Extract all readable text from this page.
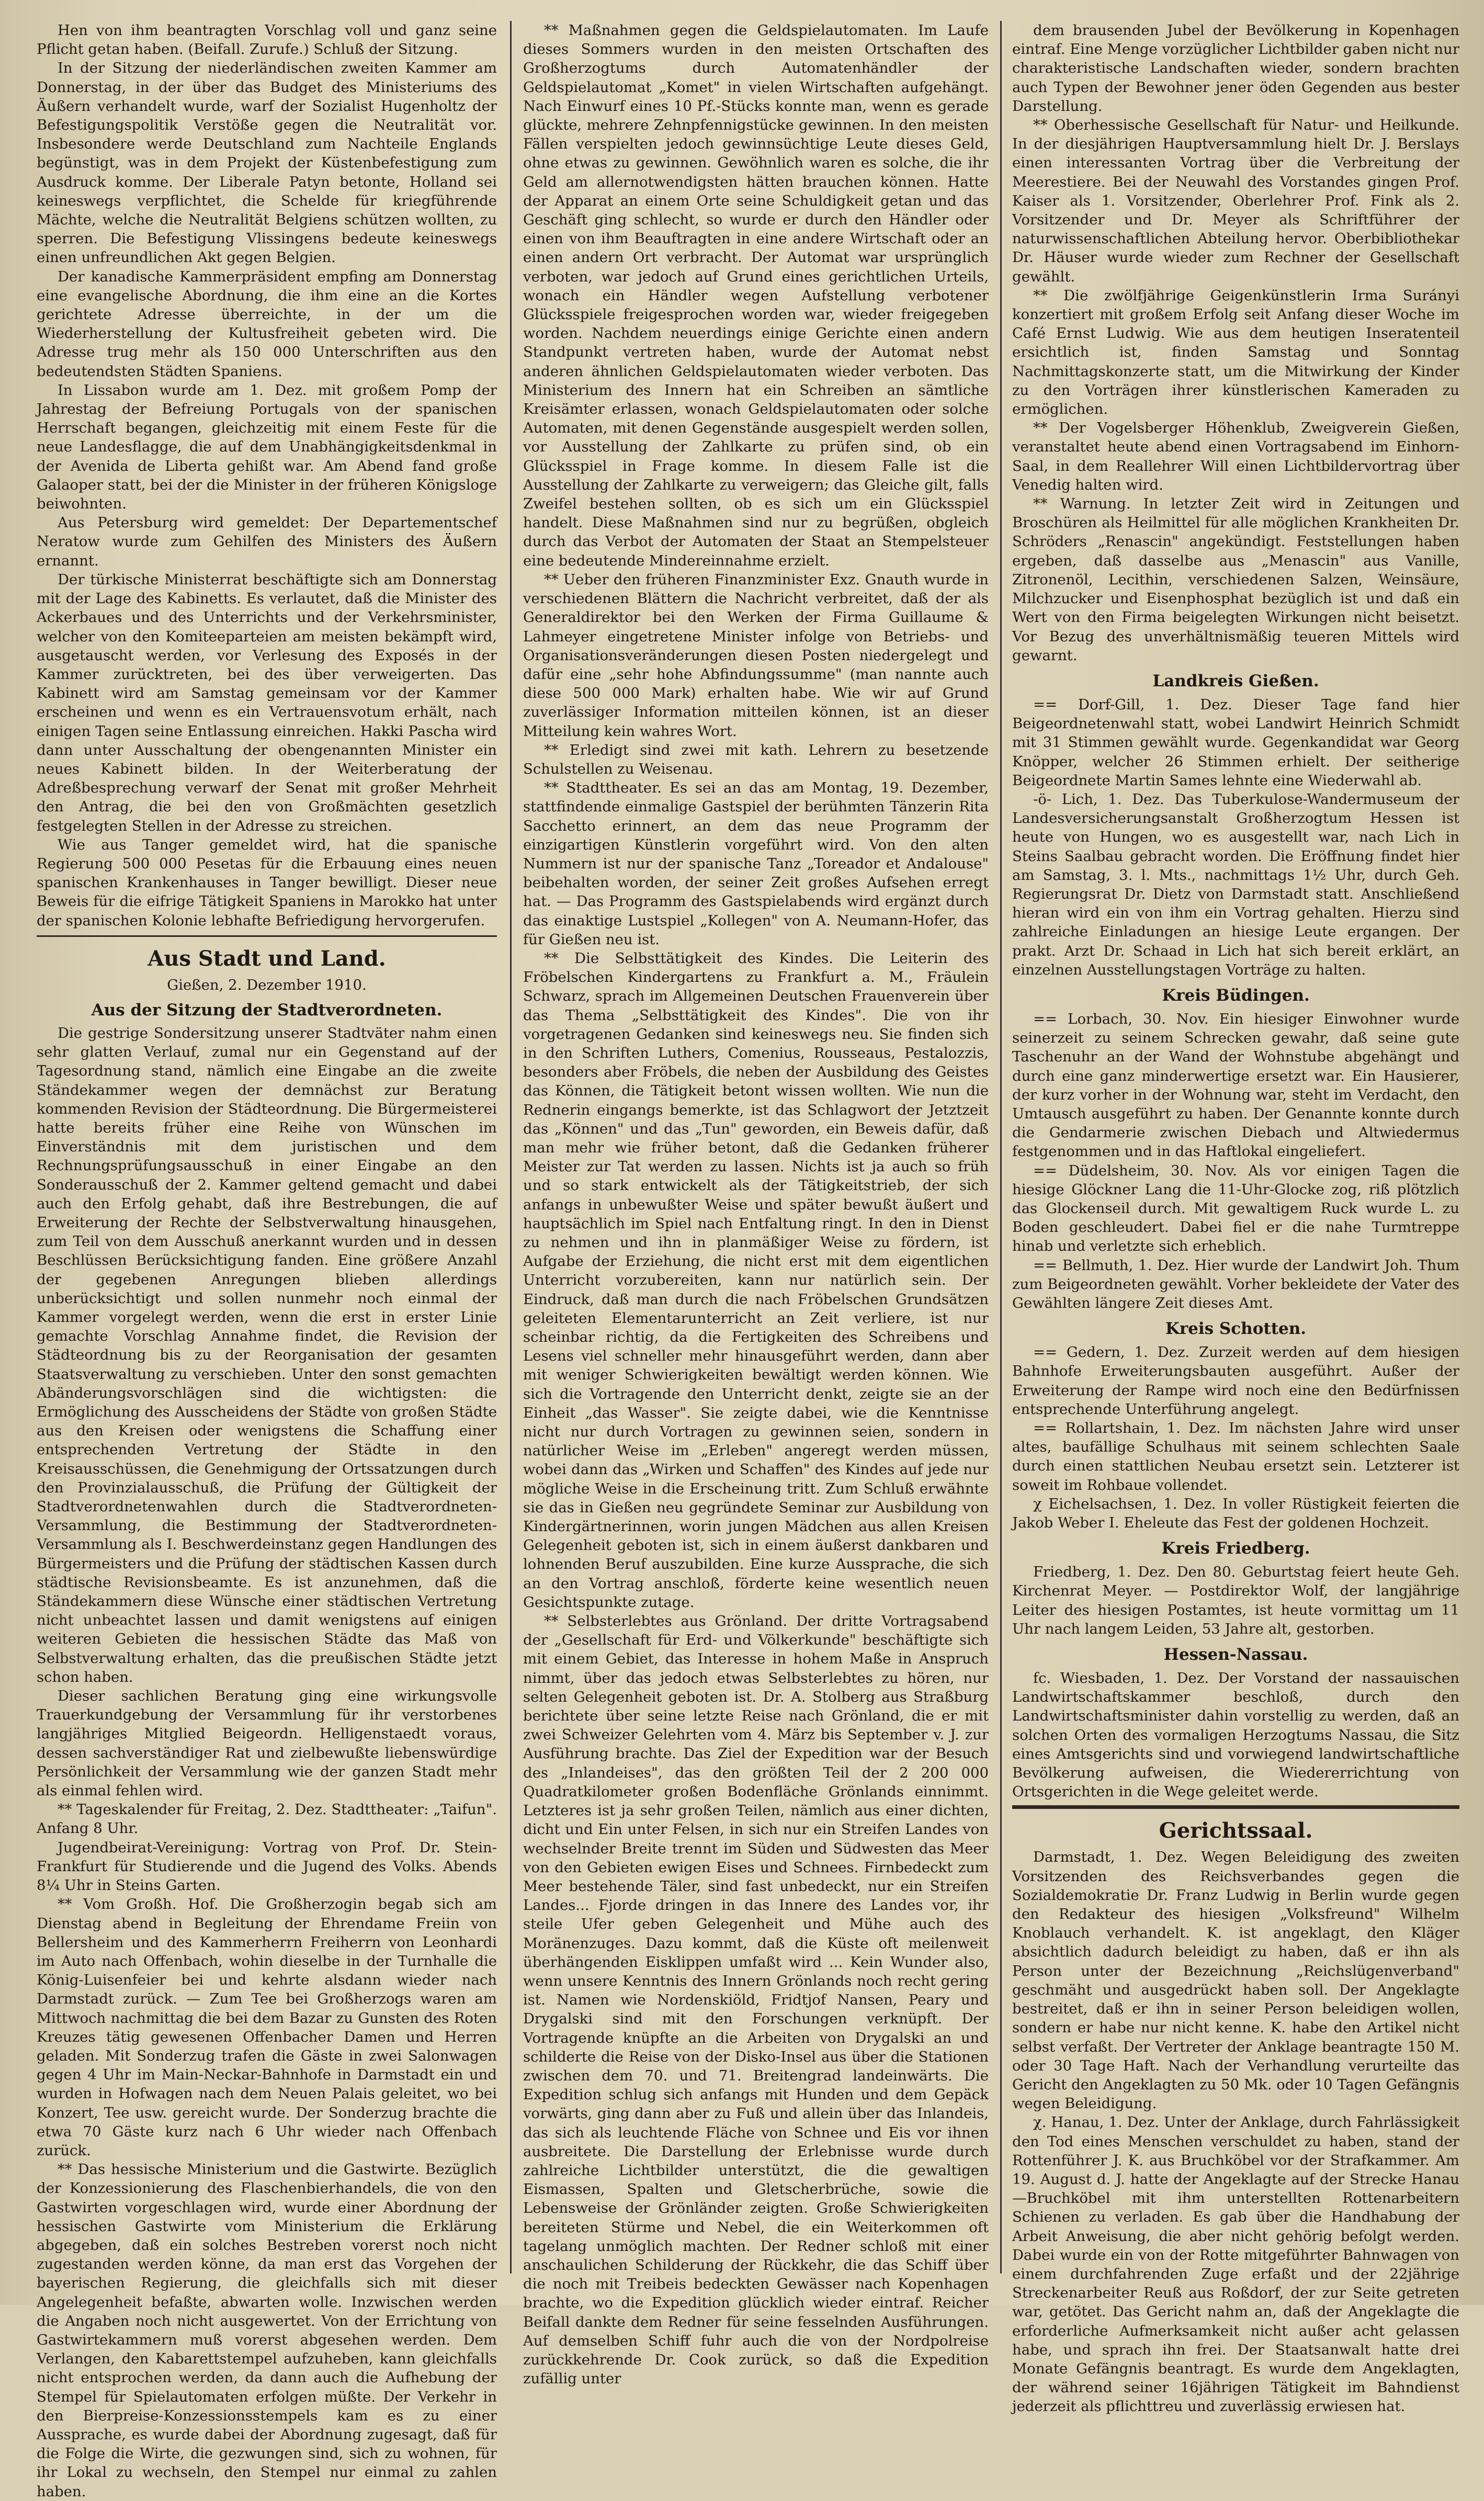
Hen von ihm beantragten Vorschlag voll und ganz seine Pflicht getan haben. (Beifall. Zurufe.) Schluß der Sitzung.

In der Sitzung der niederländischen zweiten Kammer am Donnerstag, in der über das Budget des Ministeriums des Äußern verhandelt wurde, warf der Sozialist Hugenholtz der Befestigungspolitik Verstöße gegen die Neutralität vor. Insbesondere werde Deutschland zum Nachteile Englands begünstigt, was in dem Projekt der Küstenbefestigung zum Ausdruck komme. Der Liberale Patyn betonte, Holland sei keineswegs verpflichtet, die Schelde für kriegführende Mächte, welche die Neutralität Belgiens schützen wollten, zu sperren. Die Befestigung Vlissingens bedeute keineswegs einen unfreundlichen Akt gegen Belgien.

Der kanadische Kammerpräsident empfing am Donnerstag eine evangelische Abordnung, die ihm eine an die Kortes gerichtete Adresse überreichte, in der um die Wiederherstellung der Kultusfreiheit gebeten wird. Die Adresse trug mehr als 150 000 Unterschriften aus den bedeutendsten Städten Spaniens.

In Lissabon wurde am 1. Dez. mit großem Pomp der Jahrestag der Befreiung Portugals von der spanischen Herrschaft begangen, gleichzeitig mit einem Feste für die neue Landesflagge, die auf dem Unabhängigkeitsdenkmal in der Avenida de Liberta gehißt war. Am Abend fand große Galaoper statt, bei der die Minister in der früheren Königsloge beiwohnten.

Aus Petersburg wird gemeldet: Der Departementschef Neratow wurde zum Gehilfen des Ministers des Äußern ernannt.

Der türkische Ministerrat beschäftigte sich am Donnerstag mit der Lage des Kabinetts. Es verlautet, daß die Minister des Ackerbaues und des Unterrichts und der Verkehrsminister, welcher von den Komiteeparteien am meisten bekämpft wird, ausgetauscht werden, vor Verlesung des Exposés in der Kammer zurücktreten, bei des über verweigerten. Das Kabinett wird am Samstag gemeinsam vor der Kammer erscheinen und wenn es ein Vertrauensvotum erhält, nach einigen Tagen seine Entlassung einreichen. Hakki Pascha wird dann unter Ausschaltung der obengenannten Minister ein neues Kabinett bilden. In der Weiterberatung der Adreßbesprechung verwarf der Senat mit großer Mehrheit den Antrag, die bei den von Großmächten gesetzlich festgelegten Stellen in der Adresse zu streichen.

Wie aus Tanger gemeldet wird, hat die spanische Regierung 500 000 Pesetas für die Erbauung eines neuen spanischen Krankenhauses in Tanger bewilligt. Dieser neue Beweis für die eifrige Tätigkeit Spaniens in Marokko hat unter der spanischen Kolonie lebhafte Befriedigung hervorgerufen.

Aus Stadt und Land.

Gießen, 2. Dezember 1910.

Aus der Sitzung der Stadtverordneten.

Die gestrige Sondersitzung unserer Stadtväter nahm einen sehr glatten Verlauf, zumal nur ein Gegenstand auf der Tagesordnung stand, nämlich eine Eingabe an die zweite Ständekammer wegen der demnächst zur Beratung kommenden Revision der Städteordnung. Die Bürgermeisterei hatte bereits früher eine Reihe von Wünschen im Einverständnis mit dem juristischen und dem Rechnungsprüfungsausschuß in einer Eingabe an den Sonderausschuß der 2. Kammer geltend gemacht und dabei auch den Erfolg gehabt, daß ihre Bestrebungen, die auf Erweiterung der Rechte der Selbstverwaltung hinausgehen, zum Teil von dem Ausschuß anerkannt wurden und in dessen Beschlüssen Berücksichtigung fanden. Eine größere Anzahl der gegebenen Anregungen blieben allerdings unberücksichtigt und sollen nunmehr noch einmal der Kammer vorgelegt werden, wenn die erst in erster Linie gemachte Vorschlag Annahme findet, die Revision der Städteordnung bis zu der Reorganisation der gesamten Staatsverwaltung zu verschieben. Unter den sonst gemachten Abänderungsvorschlägen sind die wichtigsten: die Ermöglichung des Ausscheidens der Städte von großen Städte aus den Kreisen oder wenigstens die Schaffung einer entsprechenden Vertretung der Städte in den Kreisausschüssen, die Genehmigung der Ortssatzungen durch den Provinzialausschuß, die Prüfung der Gültigkeit der Stadtverordnetenwahlen durch die Stadtverordneten-Versammlung, die Bestimmung der Stadtverordneten-Versammlung als I. Beschwerdeinstanz gegen Handlungen des Bürgermeisters und die Prüfung der städtischen Kassen durch städtische Revisionsbeamte. Es ist anzunehmen, daß die Ständekammern diese Wünsche einer städtischen Vertretung nicht unbeachtet lassen und damit wenigstens auf einigen weiteren Gebieten die hessischen Städte das Maß von Selbstverwaltung erhalten, das die preußischen Städte jetzt schon haben.

Dieser sachlichen Beratung ging eine wirkungsvolle Trauerkundgebung der Versammlung für ihr verstorbenes langjähriges Mitglied Beigeordn. Helligenstaedt voraus, dessen sachverständiger Rat und zielbewußte liebenswürdige Persönlichkeit der Versammlung wie der ganzen Stadt mehr als einmal fehlen wird.

** Tageskalender für Freitag, 2. Dez. Stadttheater: „Taifun". Anfang 8 Uhr.

Jugendbeirat-Vereinigung: Vortrag von Prof. Dr. Stein-Frankfurt für Studierende und die Jugend des Volks. Abends 8¼ Uhr in Steins Garten.

** Vom Großh. Hof. Die Großherzogin begab sich am Dienstag abend in Begleitung der Ehrendame Freiin von Bellersheim und des Kammerherrn Freiherrn von Leonhardi im Auto nach Offenbach, wohin dieselbe in der Turnhalle die König-Luisenfeier bei und kehrte alsdann wieder nach Darmstadt zurück. — Zum Tee bei Großherzogs waren am Mittwoch nachmittag die bei dem Bazar zu Gunsten des Roten Kreuzes tätig gewesenen Offenbacher Damen und Herren geladen. Mit Sonderzug trafen die Gäste in zwei Salonwagen gegen 4 Uhr im Main-Neckar-Bahnhofe in Darmstadt ein und wurden in Hofwagen nach dem Neuen Palais geleitet, wo bei Konzert, Tee usw. gereicht wurde. Der Sonderzug brachte die etwa 70 Gäste kurz nach 6 Uhr wieder nach Offenbach zurück.

** Das hessische Ministerium und die Gastwirte. Bezüglich der Konzessionierung des Flaschenbierhandels, die von den Gastwirten vorgeschlagen wird, wurde einer Abordnung der hessischen Gastwirte vom Ministerium die Erklärung abgegeben, daß ein solches Bestreben vorerst noch nicht zugestanden werden könne, da man erst das Vorgehen der bayerischen Regierung, die gleichfalls sich mit dieser Angelegenheit befaßte, abwarten wolle. Inzwischen werden die Angaben noch nicht ausgewertet. Von der Errichtung von Gastwirtekammern muß vorerst abgesehen werden. Dem Verlangen, den Kabarettstempel aufzuheben, kann gleichfalls nicht entsprochen werden, da dann auch die Aufhebung der Stempel für Spielautomaten erfolgen müßte. Der Verkehr in den Bierpreise-Konzessionsstempels kam es zu einer Aussprache, es wurde dabei der Abordnung zugesagt, daß für die Folge die Wirte, die gezwungen sind, sich zu wohnen, für ihr Lokal zu wechseln, den Stempel nur einmal zu zahlen haben.

** Maßnahmen gegen die Geldspielautomaten. Im Laufe dieses Sommers wurden in den meisten Ortschaften des Großherzogtums durch Automatenhändler der Geldspielautomat „Komet" in vielen Wirtschaften aufgehängt. Nach Einwurf eines 10 Pf.-Stücks konnte man, wenn es gerade glückte, mehrere Zehnpfennigstücke gewinnen. In den meisten Fällen verspielten jedoch gewinnsüchtige Leute dieses Geld, ohne etwas zu gewinnen. Gewöhnlich waren es solche, die ihr Geld am allernotwendigsten hätten brauchen können. Hatte der Apparat an einem Orte seine Schuldigkeit getan und das Geschäft ging schlecht, so wurde er durch den Händler oder einen von ihm Beauftragten in eine andere Wirtschaft oder an einen andern Ort verbracht. Der Automat war ursprünglich verboten, war jedoch auf Grund eines gerichtlichen Urteils, wonach ein Händler wegen Aufstellung verbotener Glücksspiele freigesprochen worden war, wieder freigegeben worden. Nachdem neuerdings einige Gerichte einen andern Standpunkt vertreten haben, wurde der Automat nebst anderen ähnlichen Geldspielautomaten wieder verboten. Das Ministerium des Innern hat ein Schreiben an sämtliche Kreisämter erlassen, wonach Geldspielautomaten oder solche Automaten, mit denen Gegenstände ausgespielt werden sollen, vor Ausstellung der Zahlkarte zu prüfen sind, ob ein Glücksspiel in Frage komme. In diesem Falle ist die Ausstellung der Zahlkarte zu verweigern; das Gleiche gilt, falls Zweifel bestehen sollten, ob es sich um ein Glücksspiel handelt. Diese Maßnahmen sind nur zu begrüßen, obgleich durch das Verbot der Automaten der Staat an Stempelsteuer eine bedeutende Mindereinnahme erzielt.

** Ueber den früheren Finanzminister Exz. Gnauth wurde in verschiedenen Blättern die Nachricht verbreitet, daß der als Generaldirektor bei den Werken der Firma Guillaume & Lahmeyer eingetretene Minister infolge von Betriebs- und Organisationsveränderungen diesen Posten niedergelegt und dafür eine „sehr hohe Abfindungssumme" (man nannte auch diese 500 000 Mark) erhalten habe. Wie wir auf Grund zuverlässiger Information mitteilen können, ist an dieser Mitteilung kein wahres Wort.

** Erledigt sind zwei mit kath. Lehrern zu besetzende Schulstellen zu Weisenau.

** Stadttheater. Es sei an das am Montag, 19. Dezember, stattfindende einmalige Gastspiel der berühmten Tänzerin Rita Sacchetto erinnert, an dem das neue Programm der einzigartigen Künstlerin vorgeführt wird. Von den alten Nummern ist nur der spanische Tanz „Toreador et Andalouse" beibehalten worden, der seiner Zeit großes Aufsehen erregt hat. — Das Programm des Gastspielabends wird ergänzt durch das einaktige Lustspiel „Kollegen" von A. Neumann-Hofer, das für Gießen neu ist.

** Die Selbsttätigkeit des Kindes. Die Leiterin des Fröbelschen Kindergartens zu Frankfurt a. M., Fräulein Schwarz, sprach im Allgemeinen Deutschen Frauenverein über das Thema „Selbsttätigkeit des Kindes". Die von ihr vorgetragenen Gedanken sind keineswegs neu. Sie finden sich in den Schriften Luthers, Comenius, Rousseaus, Pestalozzis, besonders aber Fröbels, die neben der Ausbildung des Geistes das Können, die Tätigkeit betont wissen wollten. Wie nun die Rednerin eingangs bemerkte, ist das Schlagwort der Jetztzeit das „Können" und das „Tun" geworden, ein Beweis dafür, daß man mehr wie früher betont, daß die Gedanken früherer Meister zur Tat werden zu lassen. Nichts ist ja auch so früh und so stark entwickelt als der Tätigkeitstrieb, der sich anfangs in unbewußter Weise und später bewußt äußert und hauptsächlich im Spiel nach Entfaltung ringt. In den in Dienst zu nehmen und ihn in planmäßiger Weise zu fördern, ist Aufgabe der Erziehung, die nicht erst mit dem eigentlichen Unterricht vorzubereiten, kann nur natürlich sein. Der Eindruck, daß man durch die nach Fröbelschen Grundsätzen geleiteten Elementarunterricht an Zeit verliere, ist nur scheinbar richtig, da die Fertigkeiten des Schreibens und Lesens viel schneller mehr hinausgeführt werden, dann aber mit weniger Schwierigkeiten bewältigt werden können. Wie sich die Vortragende den Unterricht denkt, zeigte sie an der Einheit „das Wasser". Sie zeigte dabei, wie die Kenntnisse nicht nur durch Vortragen zu gewinnen seien, sondern in natürlicher Weise im „Erleben" angeregt werden müssen, wobei dann das „Wirken und Schaffen" des Kindes auf jede nur mögliche Weise in die Erscheinung tritt. Zum Schluß erwähnte sie das in Gießen neu gegründete Seminar zur Ausbildung von Kindergärtnerinnen, worin jungen Mädchen aus allen Kreisen Gelegenheit geboten ist, sich in einem äußerst dankbaren und lohnenden Beruf auszubilden. Eine kurze Aussprache, die sich an den Vortrag anschloß, förderte keine wesentlich neuen Gesichtspunkte zutage.

** Selbsterlebtes aus Grönland. Der dritte Vortragsabend der „Gesellschaft für Erd- und Völkerkunde" beschäftigte sich mit einem Gebiet, das Interesse in hohem Maße in Anspruch nimmt, über das jedoch etwas Selbsterlebtes zu hören, nur selten Gelegenheit geboten ist. Dr. A. Stolberg aus Straßburg berichtete über seine letzte Reise nach Grönland, die er mit zwei Schweizer Gelehrten vom 4. März bis September v. J. zur Ausführung brachte. Das Ziel der Expedition war der Besuch des „Inlandeises", das den größten Teil der 2 200 000 Quadratkilometer großen Bodenfläche Grönlands einnimmt. Letzteres ist ja sehr großen Teilen, nämlich aus einer dichten, dicht und Ein unter Felsen, in sich nur ein Streifen Landes von wechselnder Breite trennt im Süden und Südwesten das Meer von den Gebieten ewigen Eises und Schnees. Firnbedeckt zum Meer bestehende Täler, sind fast unbedeckt, nur ein Streifen Landes... Fjorde dringen in das Innere des Landes vor, ihr steile Ufer geben Gelegenheit und Mühe auch des Moränenzuges. Dazu kommt, daß die Küste oft meilenweit überhängenden Eisklippen umfaßt wird ... Kein Wunder also, wenn unsere Kenntnis des Innern Grönlands noch recht gering ist. Namen wie Nordenskiöld, Fridtjof Nansen, Peary und Drygalski sind mit den Forschungen verknüpft. Der Vortragende knüpfte an die Arbeiten von Drygalski an und schilderte die Reise von der Disko-Insel aus über die Stationen zwischen dem 70. und 71. Breitengrad landeinwärts. Die Expedition schlug sich anfangs mit Hunden und dem Gepäck vorwärts, ging dann aber zu Fuß und allein über das Inlandeis, das sich als leuchtende Fläche von Schnee und Eis vor ihnen ausbreitete. Die Darstellung der Erlebnisse wurde durch zahlreiche Lichtbilder unterstützt, die die gewaltigen Eismassen, Spalten und Gletscherbrüche, sowie die Lebensweise der Grönländer zeigten. Große Schwierigkeiten bereiteten Stürme und Nebel, die ein Weiterkommen oft tagelang unmöglich machten. Der Redner schloß mit einer anschaulichen Schilderung der Rückkehr, die das Schiff über die noch mit Treibeis bedeckten Gewässer nach Kopenhagen brachte, wo die Expedition glücklich wieder eintraf. Reicher Beifall dankte dem Redner für seine fesselnden Ausführungen. Auf demselben Schiff fuhr auch die von der Nordpolreise zurückkehrende Dr. Cook zurück, so daß die Expedition zufällig unter

dem brausenden Jubel der Bevölkerung in Kopenhagen eintraf. Eine Menge vorzüglicher Lichtbilder gaben nicht nur charakteristische Landschaften wieder, sondern brachten auch Typen der Bewohner jener öden Gegenden aus bester Darstellung.

** Oberhessische Gesellschaft für Natur- und Heilkunde. In der diesjährigen Hauptversammlung hielt Dr. J. Berslays einen interessanten Vortrag über die Verbreitung der Meerestiere. Bei der Neuwahl des Vorstandes gingen Prof. Kaiser als 1. Vorsitzender, Oberlehrer Prof. Fink als 2. Vorsitzender und Dr. Meyer als Schriftführer der naturwissenschaftlichen Abteilung hervor. Oberbibliothekar Dr. Häuser wurde wieder zum Rechner der Gesellschaft gewählt.

** Die zwölfjährige Geigenkünstlerin Irma Surányi konzertiert mit großem Erfolg seit Anfang dieser Woche im Café Ernst Ludwig. Wie aus dem heutigen Inseratenteil ersichtlich ist, finden Samstag und Sonntag Nachmittagskonzerte statt, um die Mitwirkung der Kinder zu den Vorträgen ihrer künstlerischen Kameraden zu ermöglichen.

** Der Vogelsberger Höhenklub, Zweigverein Gießen, veranstaltet heute abend einen Vortragsabend im Einhorn-Saal, in dem Reallehrer Will einen Lichtbildervortrag über Venedig halten wird.

** Warnung. In letzter Zeit wird in Zeitungen und Broschüren als Heilmittel für alle möglichen Krankheiten Dr. Schröders „Renascin" angekündigt. Feststellungen haben ergeben, daß dasselbe aus „Menascin" aus Vanille, Zitronenöl, Lecithin, verschiedenen Salzen, Weinsäure, Milchzucker und Eisenphosphat bezüglich ist und daß ein Wert von den Firma beigelegten Wirkungen nicht beisetzt. Vor Bezug des unverhältnismäßig teueren Mittels wird gewarnt.

Landkreis Gießen.

== Dorf-Gill, 1. Dez. Dieser Tage fand hier Beigeordnetenwahl statt, wobei Landwirt Heinrich Schmidt mit 31 Stimmen gewählt wurde. Gegenkandidat war Georg Knöpper, welcher 26 Stimmen erhielt. Der seitherige Beigeordnete Martin Sames lehnte eine Wiederwahl ab.

-ö- Lich, 1. Dez. Das Tuberkulose-Wandermuseum der Landesversicherungsanstalt Großherzogtum Hessen ist heute von Hungen, wo es ausgestellt war, nach Lich in Steins Saalbau gebracht worden. Die Eröffnung findet hier am Samstag, 3. l. Mts., nachmittags 1½ Uhr, durch Geh. Regierungsrat Dr. Dietz von Darmstadt statt. Anschließend hieran wird ein von ihm ein Vortrag gehalten. Hierzu sind zahlreiche Einladungen an hiesige Leute ergangen. Der prakt. Arzt Dr. Schaad in Lich hat sich bereit erklärt, an einzelnen Ausstellungstagen Vorträge zu halten.

Kreis Büdingen.

== Lorbach, 30. Nov. Ein hiesiger Einwohner wurde seinerzeit zu seinem Schrecken gewahr, daß seine gute Taschenuhr an der Wand der Wohnstube abgehängt und durch eine ganz minderwertige ersetzt war. Ein Hausierer, der kurz vorher in der Wohnung war, steht im Verdacht, den Umtausch ausgeführt zu haben. Der Genannte konnte durch die Gendarmerie zwischen Diebach und Altwiedermus festgenommen und in das Haftlokal eingeliefert.

== Düdelsheim, 30. Nov. Als vor einigen Tagen die hiesige Glöckner Lang die 11-Uhr-Glocke zog, riß plötzlich das Glockenseil durch. Mit gewaltigem Ruck wurde L. zu Boden geschleudert. Dabei fiel er die nahe Turmtreppe hinab und verletzte sich erheblich.

== Bellmuth, 1. Dez. Hier wurde der Landwirt Joh. Thum zum Beigeordneten gewählt. Vorher bekleidete der Vater des Gewählten längere Zeit dieses Amt.

Kreis Schotten.

== Gedern, 1. Dez. Zurzeit werden auf dem hiesigen Bahnhofe Erweiterungsbauten ausgeführt. Außer der Erweiterung der Rampe wird noch eine den Bedürfnissen entsprechende Unterführung angelegt.

== Rollartshain, 1. Dez. Im nächsten Jahre wird unser altes, baufällige Schulhaus mit seinem schlechten Saale durch einen stattlichen Neubau ersetzt sein. Letzterer ist soweit im Rohbaue vollendet.

χ Eichelsachsen, 1. Dez. In voller Rüstigkeit feierten die Jakob Weber I. Eheleute das Fest der goldenen Hochzeit.

Kreis Friedberg.

Friedberg, 1. Dez. Den 80. Geburtstag feiert heute Geh. Kirchenrat Meyer. — Postdirektor Wolf, der langjährige Leiter des hiesigen Postamtes, ist heute vormittag um 11 Uhr nach langem Leiden, 53 Jahre alt, gestorben.

Hessen-Nassau.

fc. Wiesbaden, 1. Dez. Der Vorstand der nassauischen Landwirtschaftskammer beschloß, durch den Landwirtschaftsminister dahin vorstellig zu werden, daß an solchen Orten des vormaligen Herzogtums Nassau, die Sitz eines Amtsgerichts sind und vorwiegend landwirtschaftliche Bevölkerung aufweisen, die Wiedererrichtung von Ortsgerichten in die Wege geleitet werde.

Gerichtssaal.

Darmstadt, 1. Dez. Wegen Beleidigung des zweiten Vorsitzenden des Reichsverbandes gegen die Sozialdemokratie Dr. Franz Ludwig in Berlin wurde gegen den Redakteur des hiesigen „Volksfreund" Wilhelm Knoblauch verhandelt. K. ist angeklagt, den Kläger absichtlich dadurch beleidigt zu haben, daß er ihn als Person unter der Bezeichnung „Reichslügenverband" geschmäht und ausgedrückt haben soll. Der Angeklagte bestreitet, daß er ihn in seiner Person beleidigen wollen, sondern er habe nur nicht kenne. K. habe den Artikel nicht selbst verfaßt. Der Vertreter der Anklage beantragte 150 M. oder 30 Tage Haft. Nach der Verhandlung verurteilte das Gericht den Angeklagten zu 50 Mk. oder 10 Tagen Gefängnis wegen Beleidigung.

χ. Hanau, 1. Dez. Unter der Anklage, durch Fahrlässigkeit den Tod eines Menschen verschuldet zu haben, stand der Rottenführer J. K. aus Bruchköbel vor der Strafkammer. Am 19. August d. J. hatte der Angeklagte auf der Strecke Hanau—Bruchköbel mit ihm unterstellten Rottenarbeitern Schienen zu verladen. Es gab über die Handhabung der Arbeit Anweisung, die aber nicht gehörig befolgt werden. Dabei wurde ein von der Rotte mitgeführter Bahnwagen von einem durchfahrenden Zuge erfaßt und der 22jährige Streckenarbeiter Reuß aus Roßdorf, der zur Seite getreten war, getötet. Das Gericht nahm an, daß der Angeklagte die erforderliche Aufmerksamkeit nicht außer acht gelassen habe, und sprach ihn frei. Der Staatsanwalt hatte drei Monate Gefängnis beantragt. Es wurde dem Angeklagten, der während seiner 16jährigen Tätigkeit im Bahndienst jederzeit als pflichttreu und zuverlässig erwiesen hat.
